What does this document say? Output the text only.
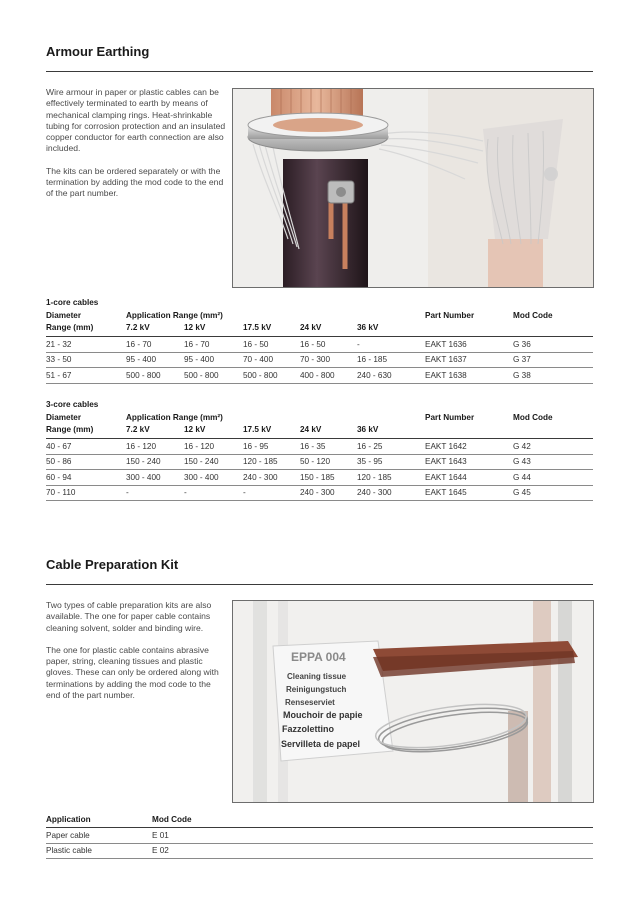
Armour Earthing

Wire armour in paper or plastic cables can be effectively terminated to earth by means of mechanical clamping rings. Heat-shrinkable tubing for corrosion protection and an insulated copper conductor for earth connection are also included.

The kits can be ordered separately or with the termination by adding the mod code to the end of the part number.

1-core cables
Diameter
Range (mm)
Application Range (mm²)
7.2 kV	12 kV	17.5 kV	24 kV	36 kV
Part Number	Mod Code
21 - 32	16 - 70	16 - 70	16 - 50	16 - 50	-	EAKT 1636	G 36
33 - 50	95 - 400	95 - 400	70 - 400	70 - 300	16 - 185	EAKT 1637	G 37
51 - 67	500 - 800	500 - 800	500 - 800	400 - 800	240 - 630	EAKT 1638	G 38
3-core cables
Diameter
Range (mm)
Application Range (mm²)
7.2 kV	12 kV	17.5 kV	24 kV	36 kV
Part Number	Mod Code
40 - 67	16 - 120	16 - 120	16 - 95	16 - 35	16 - 25	EAKT 1642	G 42
50 - 86	150 - 240	150 - 240	120 - 185	50 - 120	35 - 95	EAKT 1643	G 43
60 - 94	300 - 400	300 - 400	240 - 300	150 - 185	120 - 185	EAKT 1644	G 44
70 - 110	-	-	-	240 - 300	240 - 300	EAKT 1645	G 45
Cable Preparation Kit

Two types of cable preparation kits are also available. The one for paper cable contains cleaning solvent, solder and binding wire.

The one for plastic cable contains abrasive paper, string, cleaning tissues and plastic gloves. These can only be ordered along with terminations by adding the mod code to the end of the part number.

EPPA 004
Cleaning tissue
Reinigungstuch
Renseserviet
Mouchoir de papie
Fazzolettino
Servilleta de papel
Application	Mod Code
Paper cable	E 01
Plastic cable	E 02
